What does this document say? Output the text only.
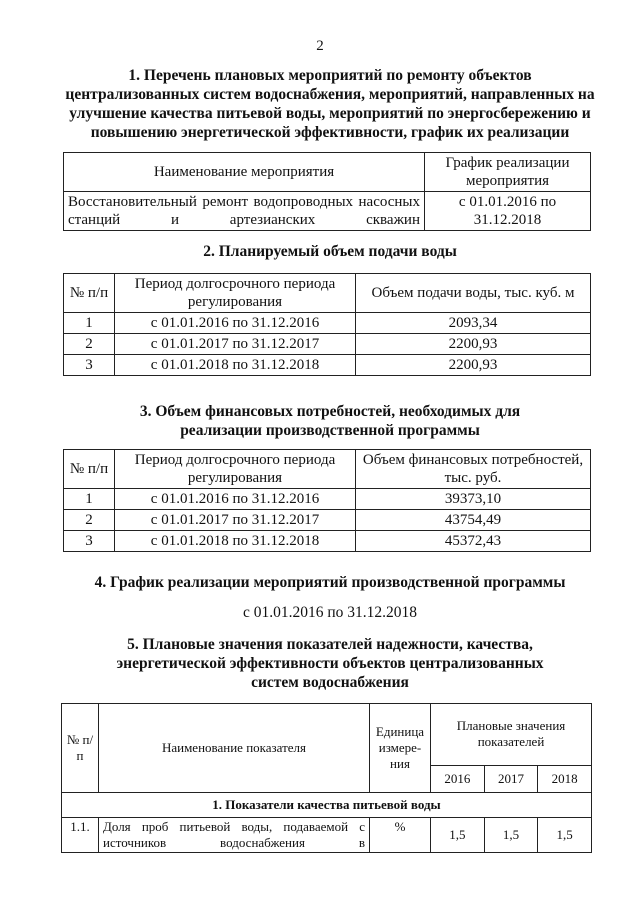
2
1. Перечень плановых мероприятий по ремонту объектов
централизованных систем водоснабжения, мероприятий, направленных на
улучшение качества питьевой воды, мероприятий по энергосбережению и
повышению энергетической эффективности, график их реализации
Наименование мероприятия	График реализации мероприятия
Восстановительный ремонт водопроводных насосных станций и артезианских скважин	с 01.01.2016 по 31.12.2018
2. Планируемый объем подачи воды
№ п/п	Период долгосрочного периода регулирования	Объем подачи воды, тыс. куб. м
1	с 01.01.2016 по 31.12.2016	2093,34
2	с 01.01.2017 по 31.12.2017	2200,93
3	с 01.01.2018 по 31.12.2018	2200,93
3. Объем финансовых потребностей, необходимых для
реализации производственной программы
№ п/п	Период долгосрочного периода регулирования	Объем финансовых потребностей, тыс. руб.
1	с 01.01.2016 по 31.12.2016	39373,10
2	с 01.01.2017 по 31.12.2017	43754,49
3	с 01.01.2018 по 31.12.2018	45372,43
4. График реализации мероприятий производственной программы
с 01.01.2016 по 31.12.2018
5. Плановые значения показателей надежности, качества,
энергетической эффективности объектов централизованных
систем водоснабжения
№ п/п	Наименование показателя	Единица измере-ния	Плановые значения показателей		
			2016	2017	2018
1. Показатели качества питьевой воды					
1.1.	Доля проб питьевой воды, подаваемой с источников водоснабжения в	%	1,5	1,5	1,5
